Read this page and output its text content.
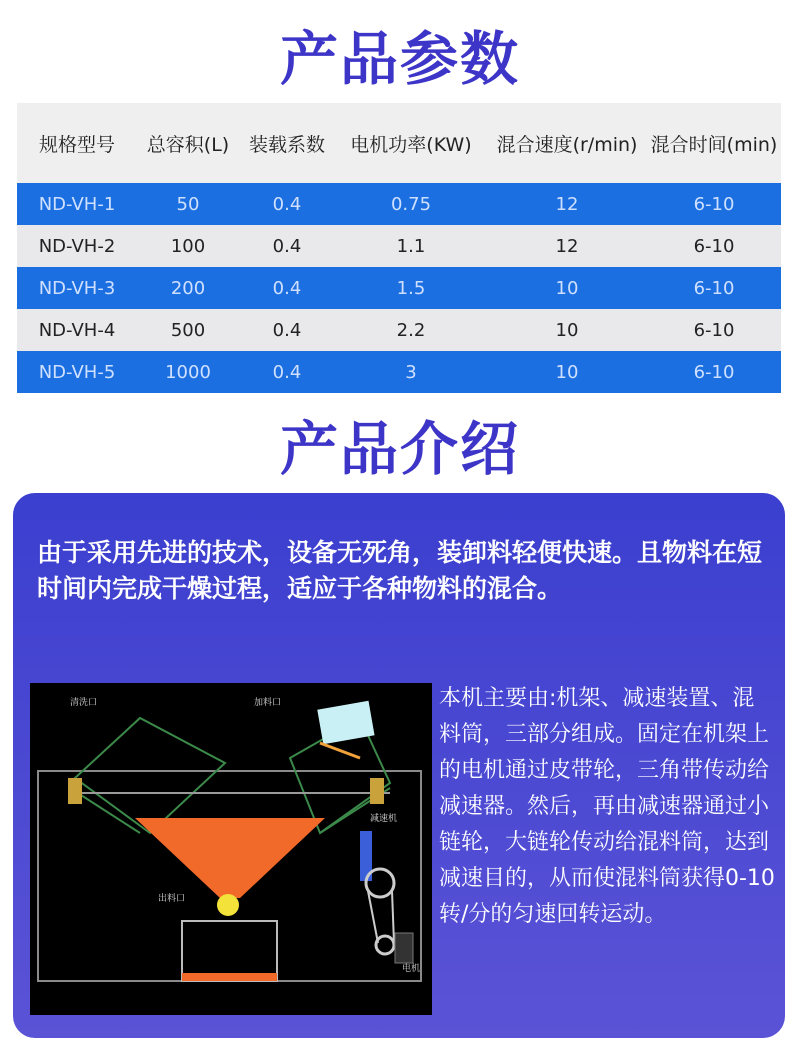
产品参数
规格型号	总容积(L)	装载系数	电机功率(KW)	混合速度(r/min) 混合时间(min)
ND-VH-1	50	0.4	0.75	12	6-10
ND-VH-2	100	0.4	1.1	12	6-10
ND-VH-3	200	0.4	1.5	10	6-10
ND-VH-4	500	0.4	2.2	10	6-10
ND-VH-5	1000	0.4	3	10	6-10
产品介绍
由于采用先进的技术，设备无死角，装卸料轻便快速。且物料在短时间内完成干燥过程，适应于各种物料的混合。
清洗口	加料口
减速机
出料口
电机
本机主要由:机架、减速装置、混料筒，三部分组成。固定在机架上的电机通过皮带轮，三角带传动给减速器。然后，再由减速器通过小链轮，大链轮传动给混料筒，达到减速目的，从而使混料筒获得0-10转/分的匀速回转运动。
